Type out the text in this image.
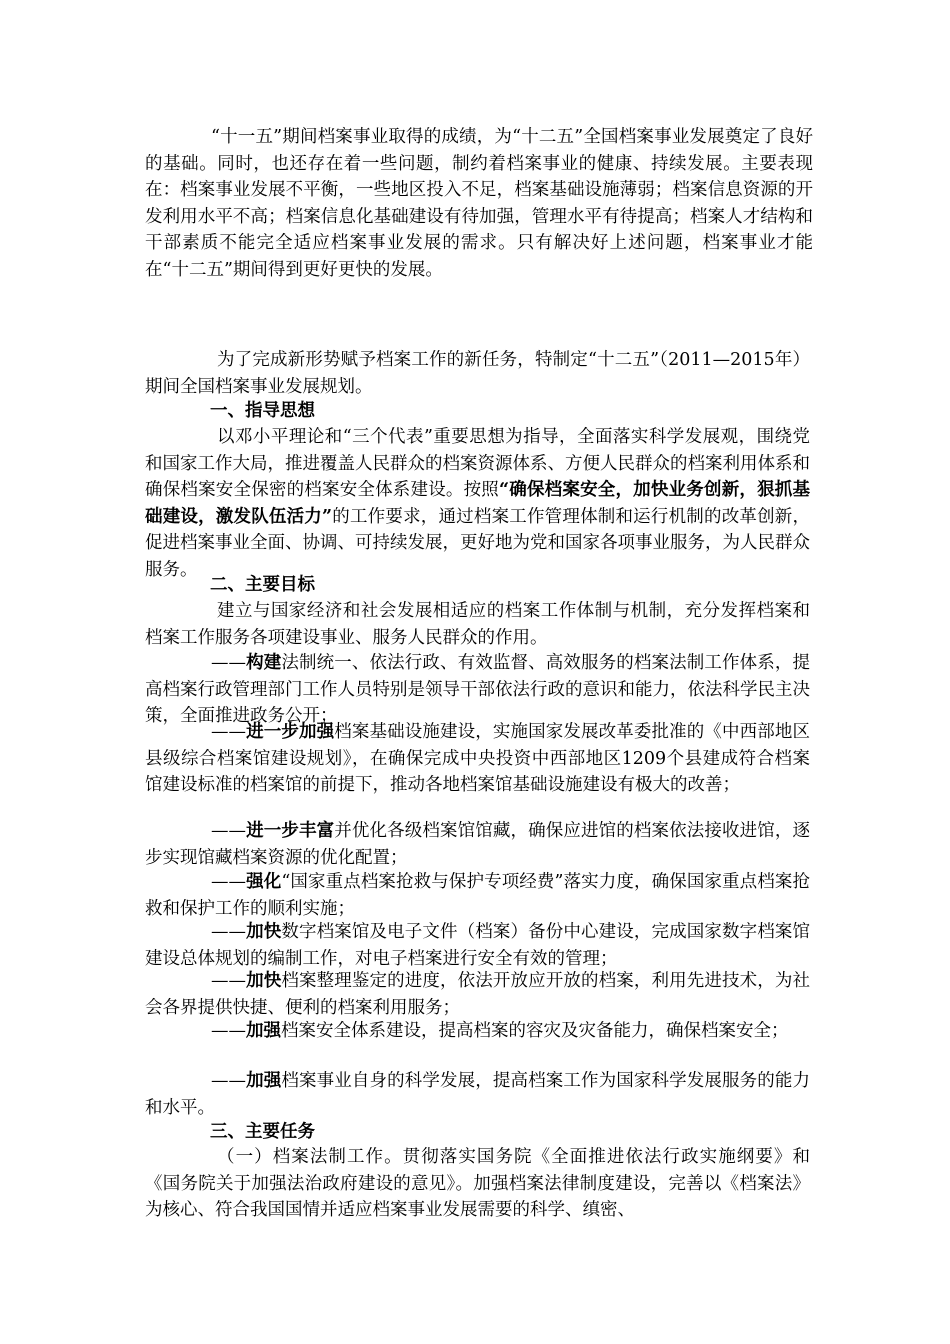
“十一五”期间档案事业取得的成绩，为“十二五”全国档案事业发展奠定了良好的基础。同时，也还存在着一些问题，制约着档案事业的健康、持续发展。主要表现在：档案事业发展不平衡，一些地区投入不足，档案基础设施薄弱；档案信息资源的开发利用水平不高；档案信息化基础建设有待加强，管理水平有待提高；档案人才结构和干部素质不能完全适应档案事业发展的需求。只有解决好上述问题，档案事业才能在“十二五”期间得到更好更快的发展。

为了完成新形势赋予档案工作的新任务，特制定“十二五”（2011—2015年）期间全国档案事业发展规划。

一、指导思想

以邓小平理论和“三个代表”重要思想为指导，全面落实科学发展观，围绕党和国家工作大局，推进覆盖人民群众的档案资源体系、方便人民群众的档案利用体系和确保档案安全保密的档案安全体系建设。按照“确保档案安全，加快业务创新，狠抓基础建设，激发队伍活力”的工作要求，通过档案工作管理体制和运行机制的改革创新，促进档案事业全面、协调、可持续发展，更好地为党和国家各项事业服务，为人民群众服务。

二、主要目标

建立与国家经济和社会发展相适应的档案工作体制与机制，充分发挥档案和档案工作服务各项建设事业、服务人民群众的作用。

——构建法制统一、依法行政、有效监督、高效服务的档案法制工作体系，提高档案行政管理部门工作人员特别是领导干部依法行政的意识和能力，依法科学民主决策，全面推进政务公开；

——进一步加强档案基础设施建设，实施国家发展改革委批准的《中西部地区县级综合档案馆建设规划》，在确保完成中央投资中西部地区1209个县建成符合档案馆建设标准的档案馆的前提下，推动各地档案馆基础设施建设有极大的改善；

——进一步丰富并优化各级档案馆馆藏，确保应进馆的档案依法接收进馆，逐步实现馆藏档案资源的优化配置；

——强化“国家重点档案抢救与保护专项经费”落实力度，确保国家重点档案抢救和保护工作的顺利实施；

——加快数字档案馆及电子文件（档案）备份中心建设，完成国家数字档案馆建设总体规划的编制工作，对电子档案进行安全有效的管理；

——加快档案整理鉴定的进度，依法开放应开放的档案，利用先进技术，为社会各界提供快捷、便利的档案利用服务；

——加强档案安全体系建设，提高档案的容灾及灾备能力，确保档案安全；

——加强档案事业自身的科学发展，提高档案工作为国家科学发展服务的能力和水平。

三、主要任务

（一）档案法制工作。贯彻落实国务院《全面推进依法行政实施纲要》和《国务院关于加强法治政府建设的意见》。加强档案法律制度建设，完善以《档案法》为核心、符合我国国情并适应档案事业发展需要的科学、缜密、
